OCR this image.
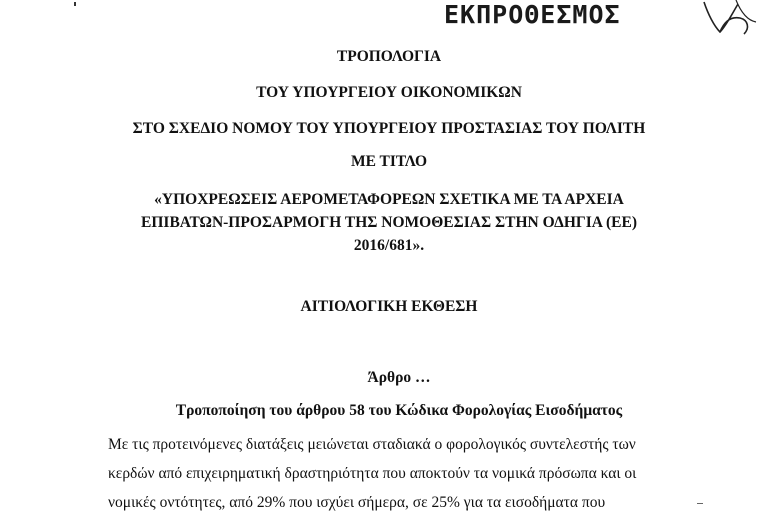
ΕΚΠΡΟΘΕΣΜΟΣ
ΤΡΟΠΟΛΟΓΙΑ
ΤΟΥ ΥΠΟΥΡΓΕΙΟΥ ΟΙΚΟΝΟΜΙΚΩΝ
ΣΤΟ ΣΧΕΔΙΟ ΝΟΜΟΥ ΤΟΥ ΥΠΟΥΡΓΕΙΟΥ ΠΡΟΣΤΑΣΙΑΣ ΤΟΥ ΠΟΛΙΤΗ
ΜΕ ΤΙΤΛΟ
«ΥΠΟΧΡΕΩΣΕΙΣ ΑΕΡΟΜΕΤΑΦΟΡΕΩΝ ΣΧΕΤΙΚΑ ΜΕ ΤΑ ΑΡΧΕΙΑ
ΕΠΙΒΑΤΩΝ-ΠΡΟΣΑΡΜΟΓΗ ΤΗΣ ΝΟΜΟΘΕΣΙΑΣ ΣΤΗΝ ΟΔΗΓΙΑ (ΕΕ)
2016/681».
ΑΙΤΙΟΛΟΓΙΚΗ ΕΚΘΕΣΗ
Άρθρο …
Τροποποίηση του άρθρου 58 του Κώδικα Φορολογίας Εισοδήματος
Με τις προτεινόμενες διατάξεις μειώνεται σταδιακά ο φορολογικός συντελεστής των
κερδών από επιχειρηματική δραστηριότητα που αποκτούν τα νομικά πρόσωπα και οι
νομικές οντότητες, από 29% που ισχύει σήμερα, σε 25% για τα εισοδήματα που
